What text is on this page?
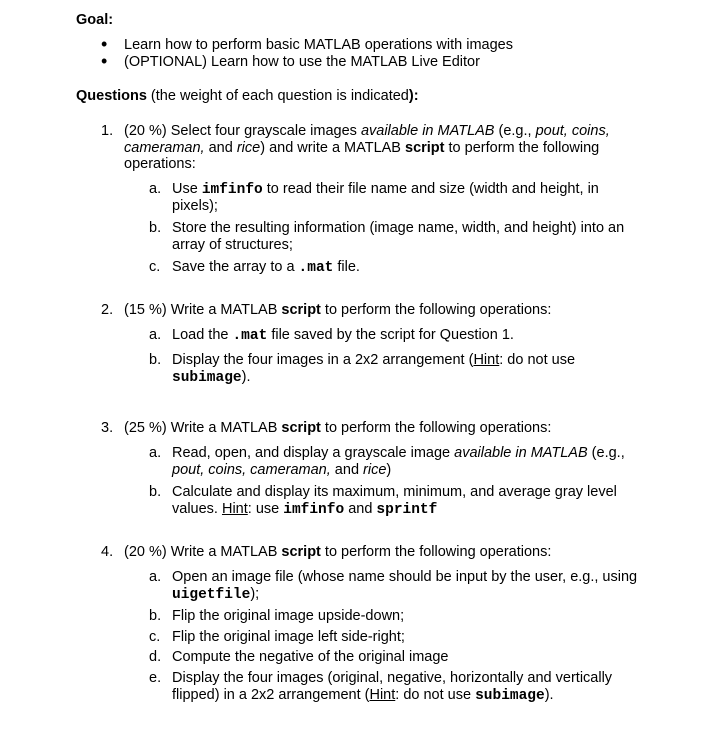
Goal:
• Learn how to perform basic MATLAB operations with images
• (OPTIONAL) Learn how to use the MATLAB Live Editor
Questions (the weight of each question is indicated):
1. (20 %) Select four grayscale images available in MATLAB (e.g., pout, coins,
cameraman, and rice) and write a MATLAB script to perform the following
operations:
a. Use imfinfo to read their file name and size (width and height, in
pixels);
b. Store the resulting information (image name, width, and height) into an
array of structures;
c. Save the array to a .mat file.
2. (15 %) Write a MATLAB script to perform the following operations:
a. Load the .mat file saved by the script for Question 1.
b. Display the four images in a 2x2 arrangement (Hint: do not use
subimage).
3. (25 %) Write a MATLAB script to perform the following operations:
a. Read, open, and display a grayscale image available in MATLAB (e.g.,
pout, coins, cameraman, and rice)
b. Calculate and display its maximum, minimum, and average gray level
values. Hint: use imfinfo and sprintf
4. (20 %) Write a MATLAB script to perform the following operations:
a. Open an image file (whose name should be input by the user, e.g., using
uigetfile);
b. Flip the original image upside-down;
c. Flip the original image left side-right;
d. Compute the negative of the original image
e. Display the four images (original, negative, horizontally and vertically
flipped) in a 2x2 arrangement (Hint: do not use subimage).
